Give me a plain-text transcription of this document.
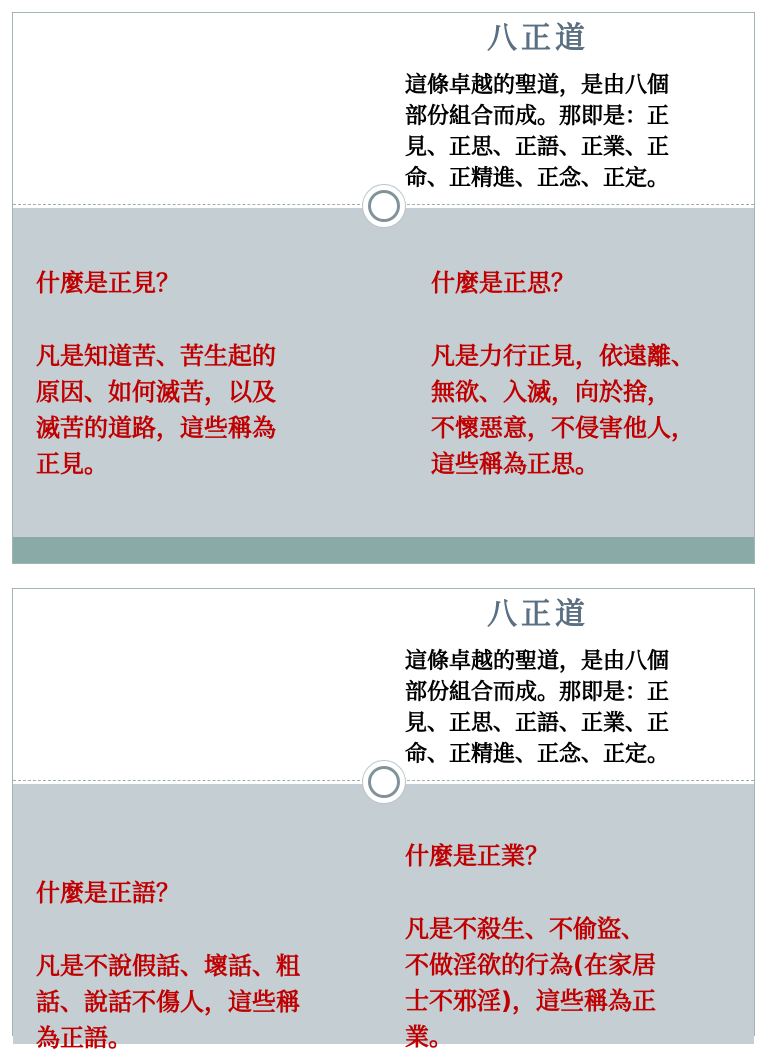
八正道

這條卓越的聖道，是由八個
部份組合而成。那即是：正
見、正思、正語、正業、正
命、正精進、正念、正定。

什麼是正見？

凡是知道苦、苦生起的
原因、如何滅苦，以及
滅苦的道路，這些稱為
正見。

什麼是正思？

凡是力行正見，依遠離、
無欲、入滅，向於捨，
不懷惡意，不侵害他人，
這些稱為正思。

八正道

這條卓越的聖道，是由八個
部份組合而成。那即是：正
見、正思、正語、正業、正
命、正精進、正念、正定。

什麼是正語？

凡是不說假話、壞話、粗
話、說話不傷人，這些稱
為正語。

什麼是正業？

凡是不殺生、不偷盜、
不做淫欲的行為(在家居
士不邪淫)，這些稱為正
業。
